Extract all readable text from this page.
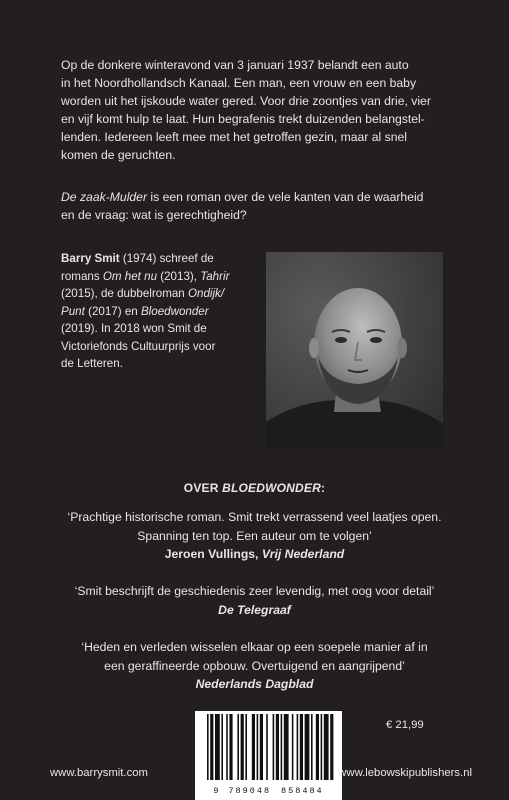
Op de donkere winteravond van 3 januari 1937 belandt een auto
in het Noordhollandsch Kanaal. Een man, een vrouw en een baby
worden uit het ijskoude water gered. Voor drie zoontjes van drie, vier
en vijf komt hulp te laat. Hun begrafenis trekt duizenden belangstel-
lenden. Iedereen leeft mee met het getroffen gezin, maar al snel
komen de geruchten.

De zaak-Mulder is een roman over de vele kanten van de waarheid
en de vraag: wat is gerechtigheid?

Barry Smit (1974) schreef de
romans Om het nu (2013), Tahrir
(2015), de dubbelroman Ondijk/
Punt (2017) en Bloedwonder
(2019). In 2018 won Smit de
Victoriefonds Cultuurprijs voor
de Letteren.

OVER BLOEDWONDER:
‘Prachtige historische roman. Smit trekt verrassend veel laatjes open.
Spanning ten top. Een auteur om te volgen’
Jeroen Vullings, Vrij Nederland
‘Smit beschrijft de geschiedenis zeer levendig, met oog voor detail’
De Telegraaf
‘Heden en verleden wisselen elkaar op een soepele manier af in
een geraffineerde opbouw. Overtuigend en aangrijpend’
Nederlands Dagblad
9 789048 858484
€ 21,99
www.barrysmit.com	www.lebowskipublishers.nl
